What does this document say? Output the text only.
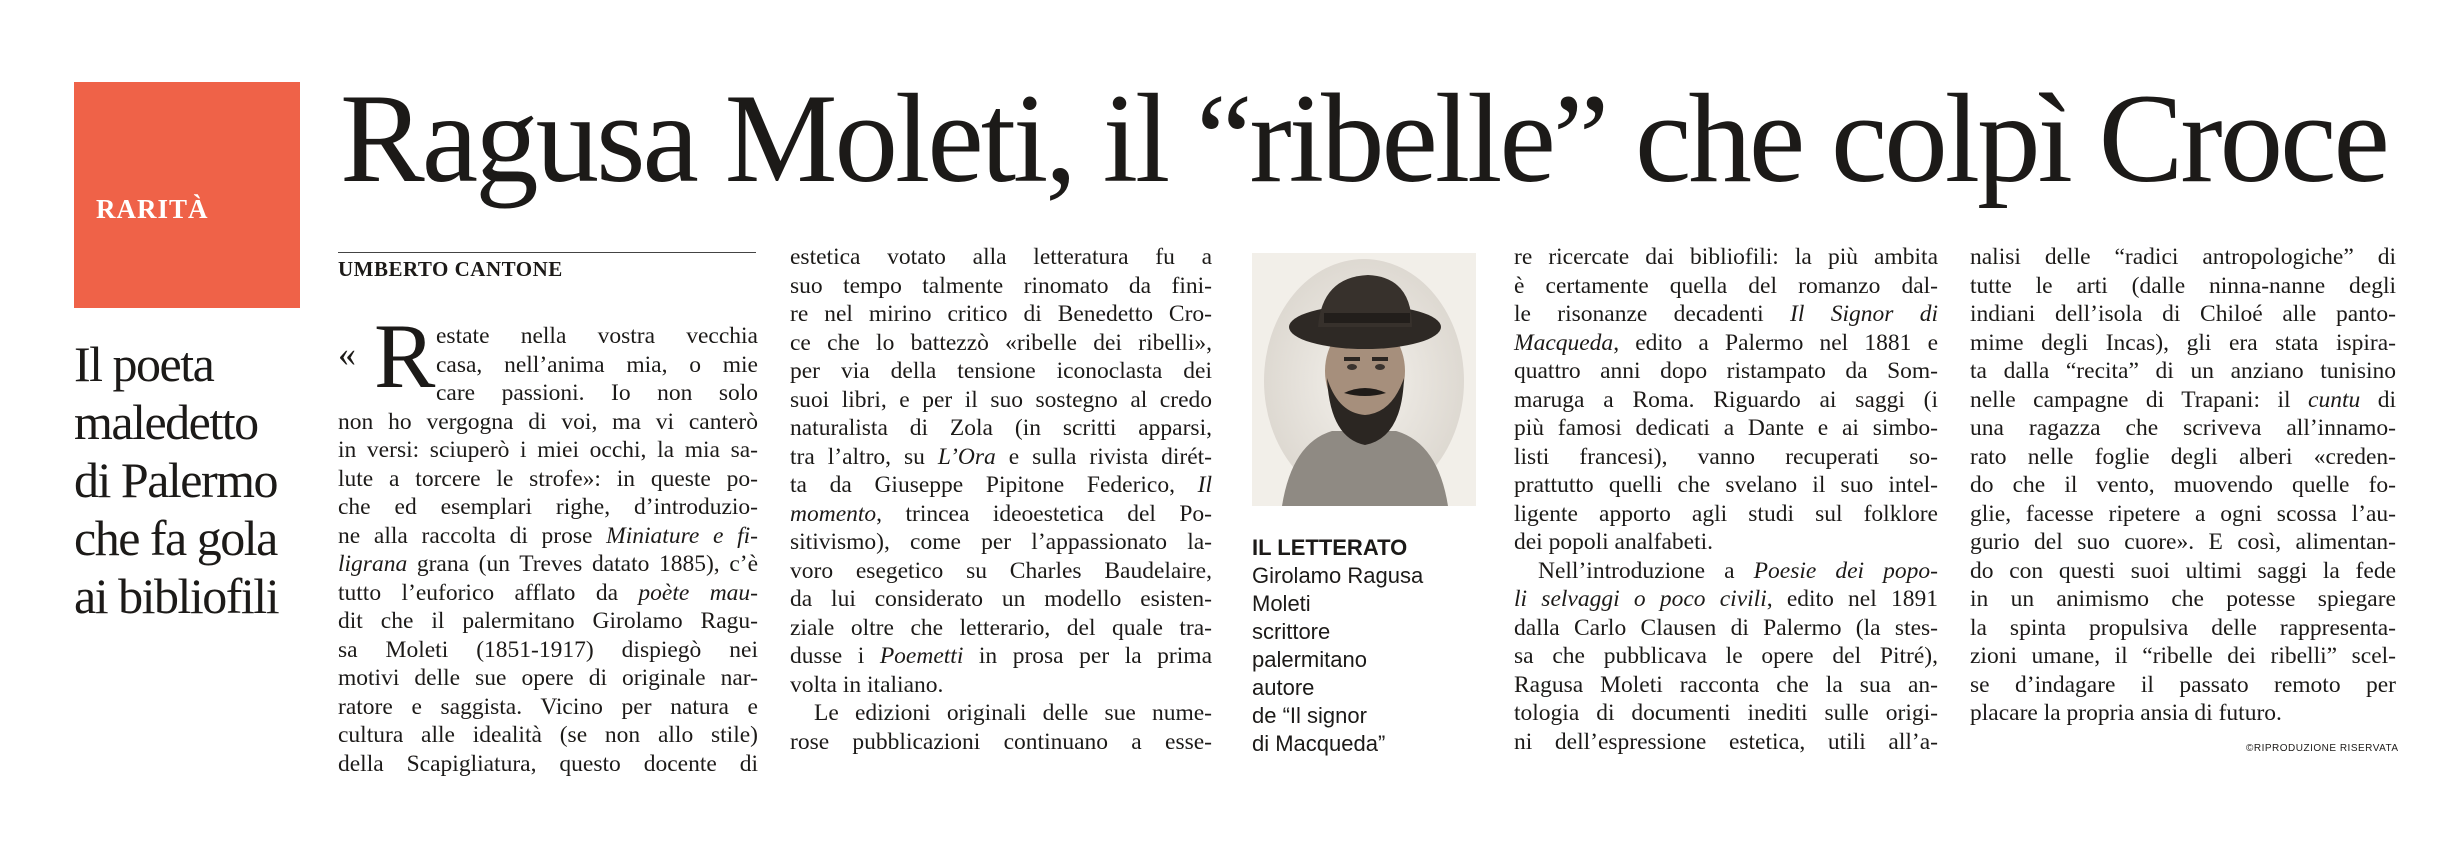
RARITÀ Ragusa Moleti, il “ribelle” che colpì Croce
Il poeta
maledetto
di Palermo
che fa gola
ai bibliofili
UMBERTO CANTONE
« R estate nella vostra vecchia
casa, nell’anima mia, o mie
care passioni. Io non solo
non ho vergogna di voi, ma vi canterò
in versi: sciuperò i miei occhi, la mia sa-
lute a torcere le strofe»: in queste po-
che ed esemplari righe, d’introduzio-
ne alla raccolta di prose Miniature e fi-
ligrana grana (un Treves datato 1885), c’è
tutto l’euforico afflato da poète mau-
dit che il palermitano Girolamo Ragu-
sa Moleti (1851-1917) dispiegò nei
motivi delle sue opere di originale nar-
ratore e saggista. Vicino per natura e
cultura alle idealità (se non allo stile)
della Scapigliatura, questo docente di
estetica votato alla letteratura fu a
suo tempo talmente rinomato da fini-
re nel mirino critico di Benedetto Cro-
ce che lo battezzò «ribelle dei ribelli»,
per via della tensione iconoclasta dei
suoi libri, e per il suo sostegno al credo
naturalista di Zola (in scritti apparsi,
tra l’altro, su L’Ora e sulla rivista dirét-
ta da Giuseppe Pipitone Federico, Il
momento, trincea ideoestetica del Po-
sitivismo), come per l’appassionato la-
voro esegetico su Charles Baudelaire,
da lui considerato un modello esisten-
ziale oltre che letterario, del quale tra-
dusse i Poemetti in prosa per la prima
volta in italiano.
Le edizioni originali delle sue nume-
rose pubblicazioni continuano a esse-
IL LETTERATO
Girolamo Ragusa
Moleti
scrittore
palermitano
autore
de “Il signor
di Macqueda”
re ricercate dai bibliofili: la più ambita
è certamente quella del romanzo dal-
le risonanze decadenti Il Signor di
Macqueda, edito a Palermo nel 1881 e
quattro anni dopo ristampato da Som-
maruga a Roma. Riguardo ai saggi (i
più famosi dedicati a Dante e ai simbo-
listi francesi), vanno recuperati so-
prattutto quelli che svelano il suo intel-
ligente apporto agli studi sul folklore
dei popoli analfabeti.
Nell’introduzione a Poesie dei popo-
li selvaggi o poco civili, edito nel 1891
dalla Carlo Clausen di Palermo (la stes-
sa che pubblicava le opere del Pitré),
Ragusa Moleti racconta che la sua an-
tologia di documenti inediti sulle origi-
ni dell’espressione estetica, utili all’a-
nalisi delle “radici antropologiche” di
tutte le arti (dalle ninna-nanne degli
indiani dell’isola di Chiloé alle panto-
mime degli Incas), gli era stata ispira-
ta dalla “recita” di un anziano tunisino
nelle campagne di Trapani: il cuntu di
una ragazza che scriveva all’innamo-
rato nelle foglie degli alberi «creden-
do che il vento, muovendo quelle fo-
glie, facesse ripetere a ogni scossa l’au-
gurio del suo cuore». E così, alimentan-
do con questi suoi ultimi saggi la fede
in un animismo che potesse spiegare
la spinta propulsiva delle rappresenta-
zioni umane, il “ribelle dei ribelli” scel-
se d’indagare il passato remoto per
placare la propria ansia di futuro.
©RIPRODUZIONE RISERVATA
